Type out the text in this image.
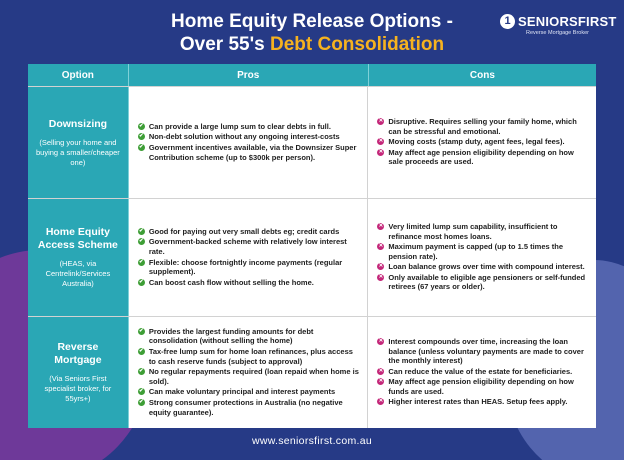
Home Equity Release Options -
Over 55's Debt Consolidation
1 SENIORSFIRST
Reverse Mortgage Broker
Option	Pros	Cons
Downsizing
(Selling your home and buying a smaller/cheaper one)
✔ Can provide a large lump sum to clear debts in full.
✔ Non-debt solution without any ongoing interest-costs
✔ Government incentives available, via the Downsizer Super Contribution scheme (up to $300k per person).
✕ Disruptive. Requires selling your family home, which can be stressful and emotional.
✕ Moving costs (stamp duty, agent fees, legal fees).
✕ May affect age pension eligibility depending on how sale proceeds are used.
Home Equity Access Scheme
(HEAS, via Centrelink/Services Australia)
✔ Good for paying out very small debts eg; credit cards
✔ Government-backed scheme with relatively low interest rate.
✔ Flexible: choose fortnightly income payments (regular supplement).
✔ Can boost cash flow without selling the home.
✕ Very limited lump sum capability, insufficient to refinance most homes loans.
✕ Maximum payment is capped (up to 1.5 times the pension rate).
✕ Loan balance grows over time with compound interest.
✕ Only available to eligible age pensioners or self-funded retirees (67 years or older).
Reverse Mortgage
(Via Seniors First specialist broker, for 55yrs+)
✔ Provides the largest funding amounts for debt consolidation (without selling the home)
✔ Tax-free lump sum for home loan refinances, plus access to cash reserve funds (subject to approval)
✔ No regular repayments required (loan repaid when home is sold).
✔ Can make voluntary principal and interest payments
✔ Strong consumer protections in Australia (no negative equity guarantee).
✕ Interest compounds over time, increasing the loan balance (unless voluntary payments are made to cover the monthly interest)
✕ Can reduce the value of the estate for beneficiaries.
✕ May affect age pension eligibility depending on how funds are used.
✕ Higher interest rates than HEAS. Setup fees apply.
www.seniorsfirst.com.au
